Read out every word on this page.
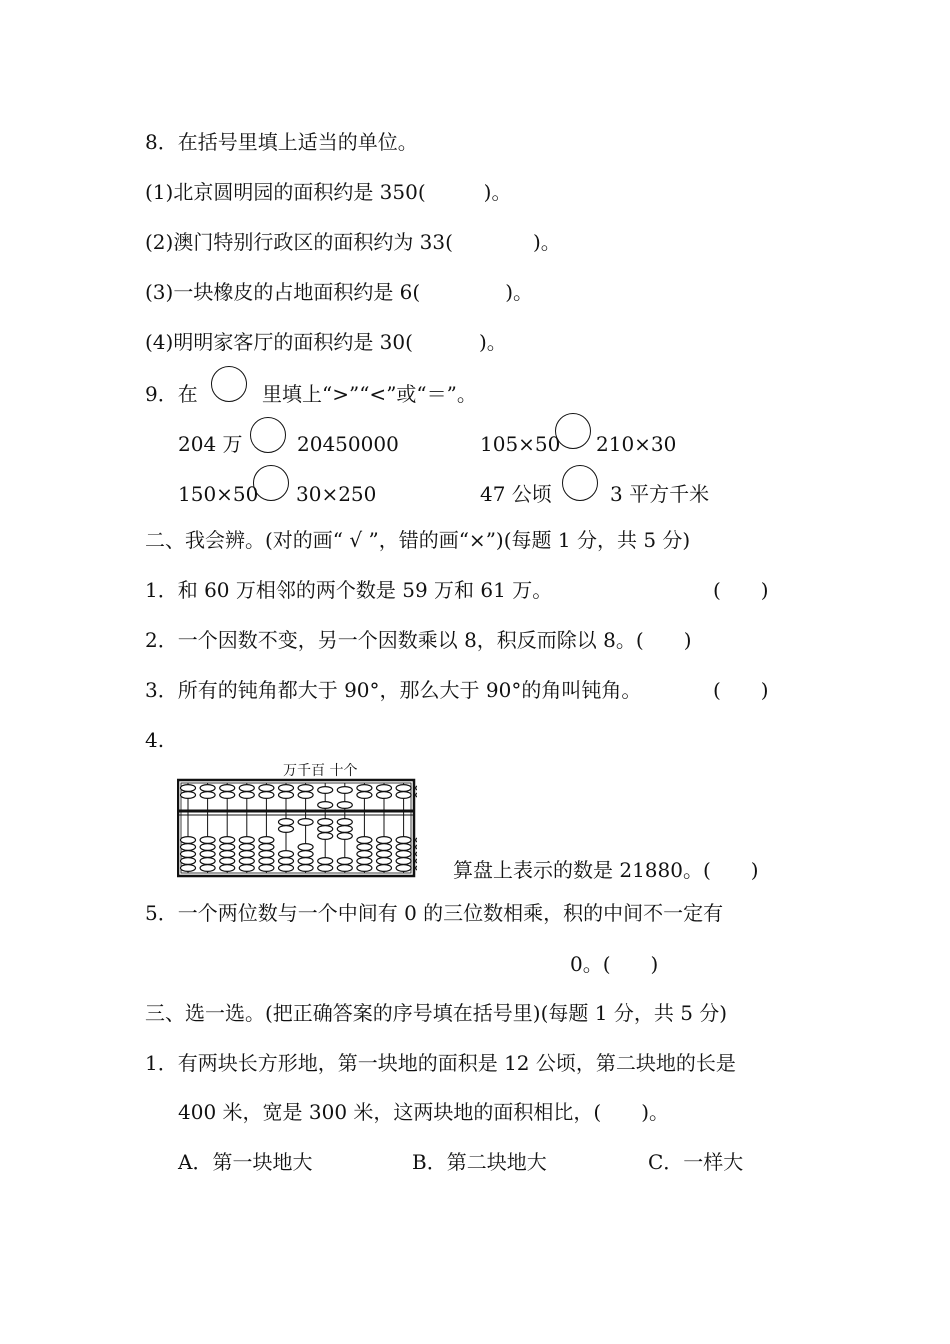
8．在括号里填上适当的单位。
(1)北京圆明园的面积约是 350(	)。
(2)澳门特别行政区的面积约为 33(	)。
(3)一块橡皮的占地面积约是 6(	)。
(4)明明家客厅的面积约是 30(	)。
9．在	里填上“>”“<”或“＝”。
204 万	20450000	105×50 210×30
150×50 30×250	47 公顷	3 平方千米
二、我会辨。(对的画“ √ ”，错的画“×”)(每题 1 分，共 5 分)
1．和 60 万相邻的两个数是 59 万和 61 万。	(　　)
2．一个因数不变，另一个因数乘以 8，积反而除以 8。(　　)
3．所有的钝角都大于 90°，那么大于 90°的角叫钝角。	(　　)
4.
万千百 十个
算盘上表示的数是 21880。(　　)
5．一个两位数与一个中间有 0 的三位数相乘，积的中间不一定有
0。(　　)
三、选一选。(把正确答案的序号填在括号里)(每题 1 分，共 5 分)
1．有两块长方形地，第一块地的面积是 12 公顷，第二块地的长是
400 米，宽是 300 米，这两块地的面积相比，(　　)。
A．第一块地大	B．第二块地大	C．一样大
